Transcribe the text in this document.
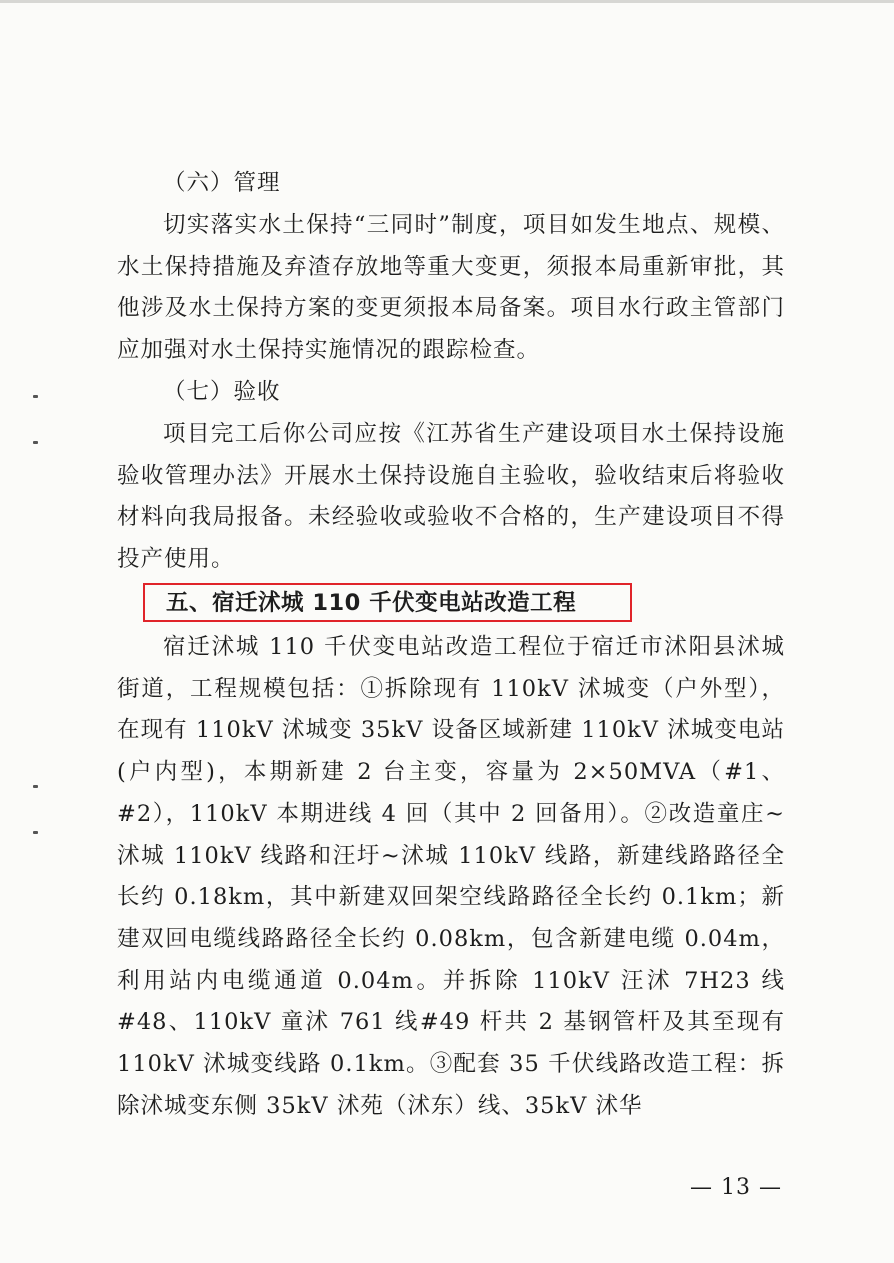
（六）管理

切实落实水土保持“三同时”制度，项目如发生地点、规模、水土保持措施及弃渣存放地等重大变更，须报本局重新审批，其他涉及水土保持方案的变更须报本局备案。项目水行政主管部门应加强对水土保持实施情况的跟踪检查。

（七）验收

项目完工后你公司应按《江苏省生产建设项目水土保持设施验收管理办法》开展水土保持设施自主验收，验收结束后将验收材料向我局报备。未经验收或验收不合格的，生产建设项目不得投产使用。

五、宿迁沭城 110 千伏变电站改造工程

宿迁沭城 110 千伏变电站改造工程位于宿迁市沭阳县沭城街道，工程规模包括：①拆除现有 110kV 沭城变（户外型），在现有 110kV 沭城变 35kV 设备区域新建 110kV 沭城变电站(户内型)，本期新建 2 台主变，容量为 2×50MVA（#1、#2），110kV 本期进线 4 回（其中 2 回备用）。②改造童庄~沭城 110kV 线路和汪圩~沭城 110kV 线路，新建线路路径全长约 0.18km，其中新建双回架空线路路径全长约 0.1km；新建双回电缆线路路径全长约 0.08km，包含新建电缆 0.04m，利用站内电缆通道 0.04m。并拆除 110kV 汪沭 7H23 线#48、110kV 童沭 761 线#49 杆共 2 基钢管杆及其至现有 110kV 沭城变线路 0.1km。③配套 35 千伏线路改造工程：拆除沭城变东侧 35kV 沭苑（沭东）线、35kV 沭华

— 13 —
